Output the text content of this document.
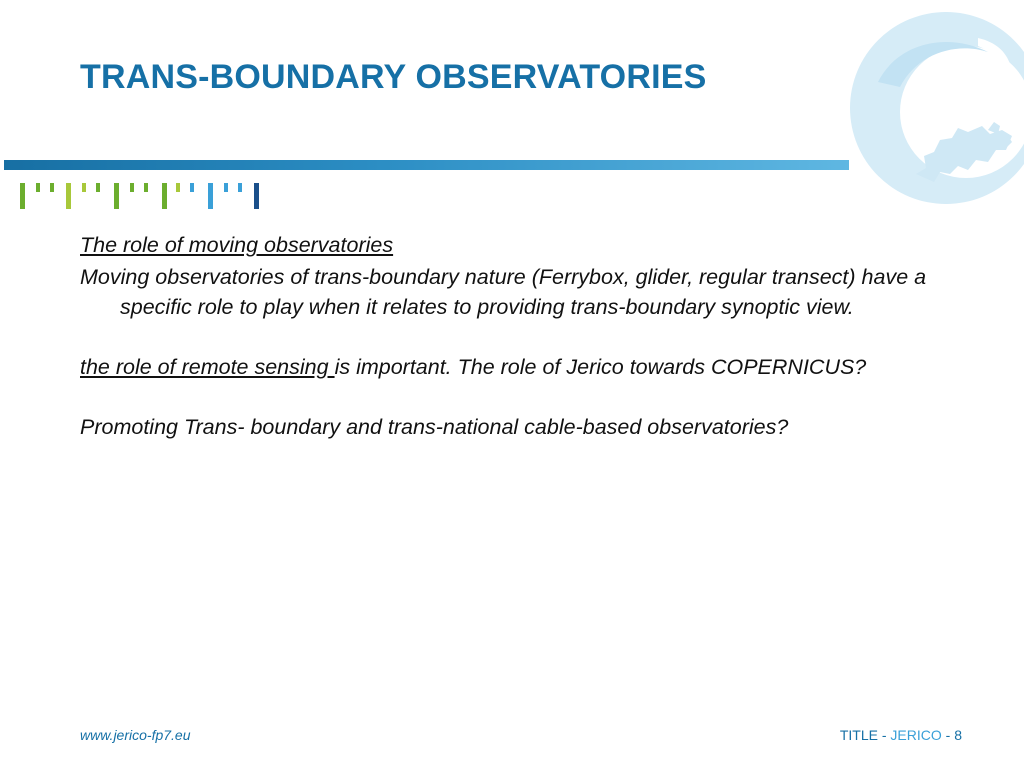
TRANS-BOUNDARY OBSERVATORIES

The role of moving observatories

Moving observatories of trans-boundary nature (Ferrybox, glider, regular transect) have a specific role to play when it relates to providing trans-boundary synoptic view.

the role of remote sensing is important. The role of Jerico towards COPERNICUS?

Promoting Trans- boundary and trans-national cable-based observatories?

www.jerico-fp7.eu	TITLE - JERICO - 8
